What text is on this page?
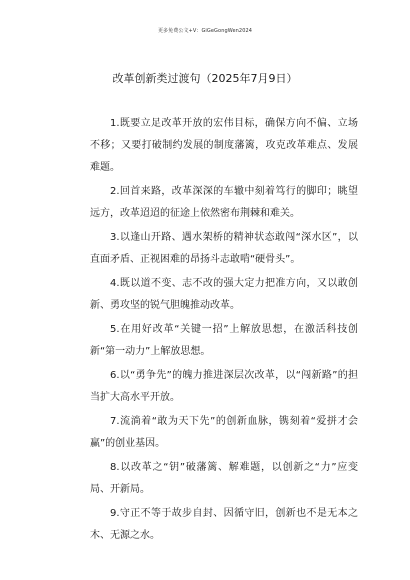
更多免费公文+V：GiGeGongWen2024
改革创新类过渡句（2025年7月9日）

1.既要立足改革开放的宏伟目标，确保方向不偏、立场不移；又要打破制约发展的制度藩篱，攻克改革难点、发展难题。

2.回首来路，改革深深的车辙中刻着笃行的脚印；眺望远方，改革迢迢的征途上依然密布荆棘和难关。

3.以逢山开路、遇水架桥的精神状态敢闯“深水区”，以直面矛盾、正视困难的昂扬斗志敢啃“硬骨头”。

4.既以道不变、志不改的强大定力把准方向，又以敢创新、勇攻坚的锐气胆魄推动改革。

5.在用好改革“关键一招”上解放思想，在激活科技创新“第一动力”上解放思想。

6.以“勇争先”的魄力推进深层次改革，以“闯新路”的担当扩大高水平开放。

7.流淌着“敢为天下先”的创新血脉，镌刻着“爱拼才会赢”的创业基因。

8.以改革之“钥”破藩篱、解难题，以创新之“力”应变局、开新局。

9.守正不等于故步自封、因循守旧，创新也不是无本之木、无源之水。
